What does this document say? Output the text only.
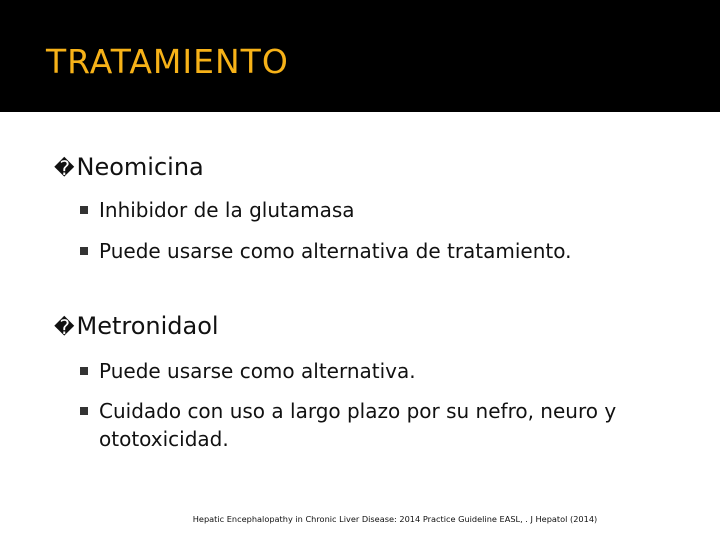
TRATAMIENTO
�Neomicina
Inhibidor de la glutamasa
Puede usarse como alternativa de tratamiento.
�Metronidaol
Puede usarse como alternativa.
Cuidado con uso a largo plazo por su nefro, neuro y ototoxicidad.
Hepatic Encephalopathy in Chronic Liver Disease: 2014 Practice Guideline EASL, . J Hepatol (2014)
